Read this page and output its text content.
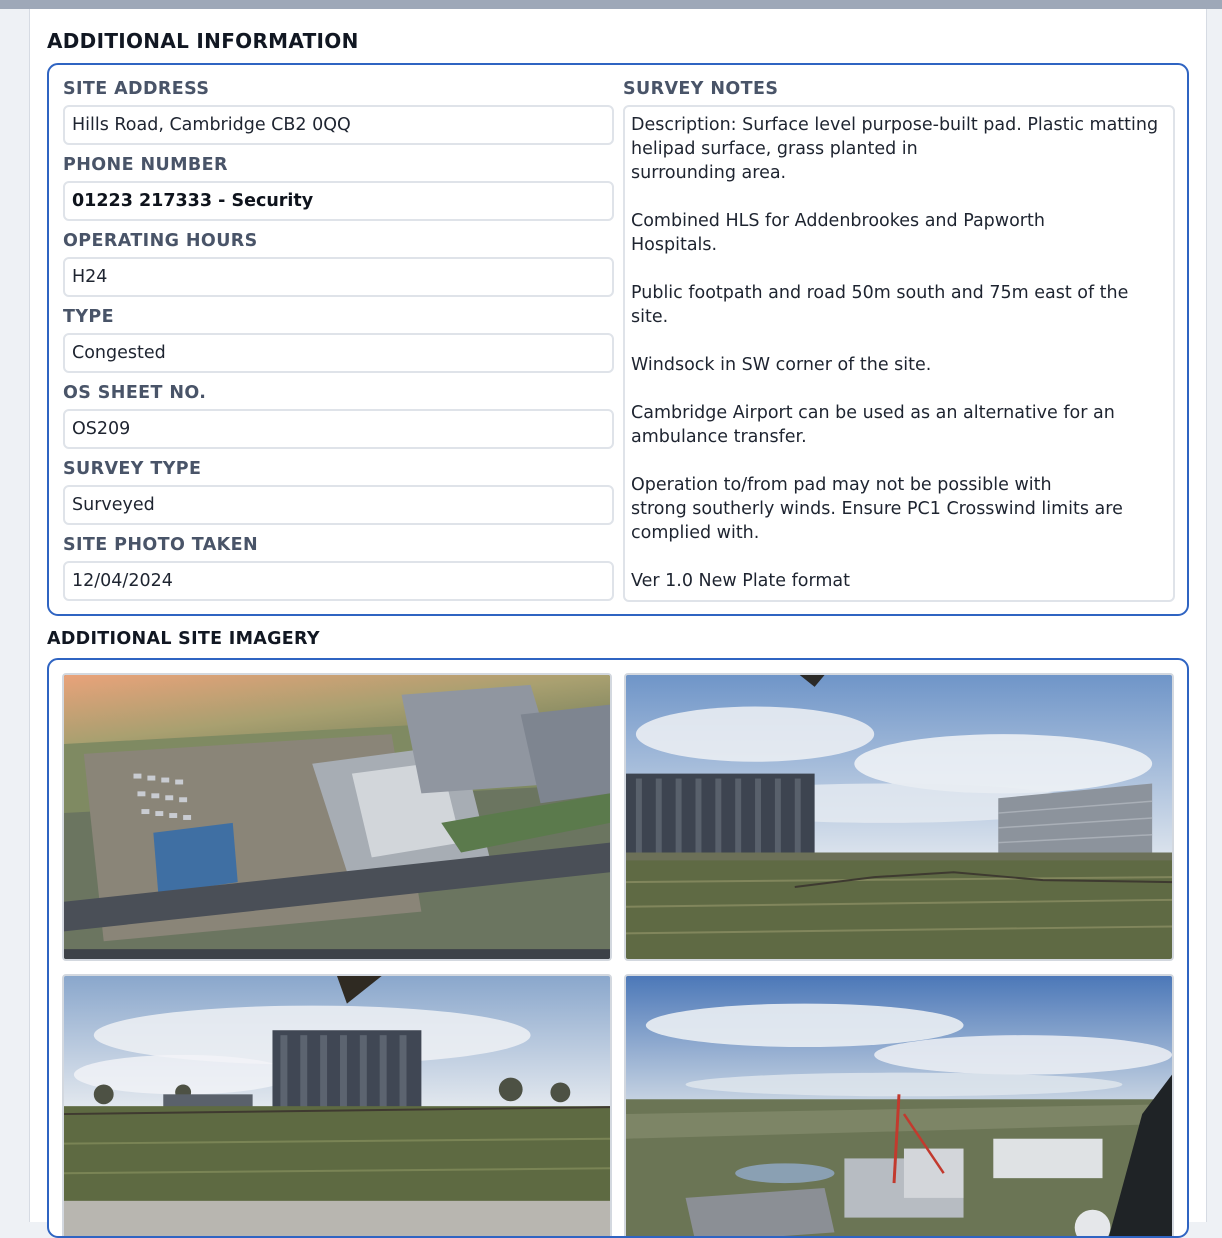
ADDITIONAL INFORMATION
SITE ADDRESS
Hills Road, Cambridge CB2 0QQ
PHONE NUMBER
01223 217333 - Security
OPERATING HOURS
H24
TYPE
Congested
OS SHEET NO.
OS209
SURVEY TYPE
Surveyed
SITE PHOTO TAKEN
12/04/2024
SURVEY NOTES
Description: Surface level purpose-built pad. Plastic matting
helipad surface, grass planted in
surrounding area.

Combined HLS for Addenbrookes and Papworth
Hospitals.

Public footpath and road 50m south and 75m east of the
site.

Windsock in SW corner of the site.

Cambridge Airport can be used as an alternative for an
ambulance transfer.

Operation to/from pad may not be possible with
strong southerly winds. Ensure PC1 Crosswind limits are
complied with.

Ver 1.0 New Plate format
ADDITIONAL SITE IMAGERY
